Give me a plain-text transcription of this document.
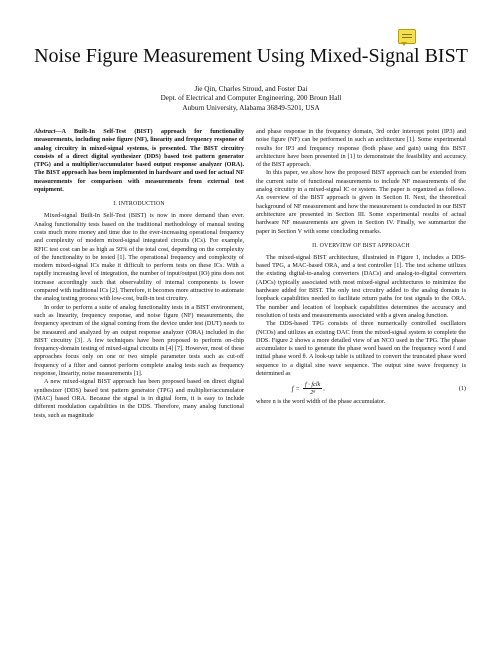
Noise Figure Measurement Using Mixed-Signal BIST
Jie Qin, Charles Stroud, and Foster Dai
Dept. of Electrical and Computer Engineering, 200 Broun Hall
Auburn University, Alabama 36849-5201, USA

Abstract—A Built-In Self-Test (BIST) approach for functionality measurements, including noise figure (NF), linearity and frequency response of analog circuitry in mixed-signal systems, is presented. The BIST circuitry consists of a direct digital synthesizer (DDS) based test pattern generator (TPG) and a multiplier/accumulator based output response analyzer (ORA). The BIST approach has been implemented in hardware and used for actual NF measurements for comparison with measurements from external test equipment.

I. INTRODUCTION

Mixed-signal Built-In Self-Test (BIST) is now in more demand than ever. Analog functionality tests based on the traditional methodology of manual testing costs much more money and time due to the ever-increasing operational frequency and complexity of modern mixed-signal integrated circuits (ICs). For example, RFIC test cost can be as high as 50% of the total cost, depending on the complexity of the functionality to be tested [1]. The operational frequency and complexity of modern mixed-signal ICs make it difficult to perform tests on these ICs. With a rapidly increasing level of integration, the number of input/output (IO) pins does not increase accordingly such that observability of internal components is lower compared with traditional ICs [2]. Therefore, it becomes more attractive to automate the analog testing process with low-cost, built-in test circuitry.

In order to perform a suite of analog functionality tests in a BIST environment, such as linearity, frequency response, and noise figure (NF) measurements, the frequency spectrum of the signal coming from the device under test (DUT) needs to be measured and analyzed by an output response analyzer (ORA) included in the BIST circuitry [3]. A few techniques have been proposed to perform on-chip frequency-domain testing of mixed-signal circuits in [4] [7]. However, most of these approaches focus only on one or two simple parameter tests such as cut-off frequency of a filter and cannot perform complete analog tests such as frequency response, linearity, noise measurements [1].

A new mixed-signal BIST approach has been proposed based on direct digital synthesizer (DDS) based test pattern generator (TPG) and multiplier/accumulator (MAC) based ORA. Because the signal is in digital form, it is easy to include different modulation capabilities in the DDS. Therefore, many analog functional tests, such as magnitude

and phase response in the frequency domain, 3rd order intercept point (IP3) and noise figure (NF) can be performed in such an architecture [1]. Some experimental results for IP3 and frequency response (both phase and gain) using this BIST architecture have been presented in [1] to demonstrate the feasibility and accuracy of the BIST approach.

In this paper, we show how the proposed BIST approach can be extended from the current suite of functional measurements to include NF measurements of the analog circuitry in a mixed-signal IC or system. The paper is organized as follows. An overview of the BIST approach is given in Section II. Next, the theoretical background of NF measurement and how the measurement is conducted in our BIST architecture are presented in Section III. Some experimental results of actual hardware NF measurements are given in Section IV. Finally, we summarize the paper in Section V with some concluding remarks.

II. OVERVIEW OF BIST APPROACH

The mixed-signal BIST architecture, illustrated in Figure 1, includes a DDS-based TPG, a MAC-based ORA, and a test controller [1]. The test scheme utilizes the existing digital-to-analog converters (DACs) and analog-to-digital converters (ADCs) typically associated with most mixed-signal architectures to minimize the hardware added for BIST. The only test circuitry added to the analog domain is loopback capabilities needed to facilitate return paths for test signals to the ORA. The number and location of loopback capabilities determines the accuracy and resolution of tests and measurements associated with a given analog function.

The DDS-based TPG consists of three numerically controlled oscillators (NCOs) and utilizes an existing DAC from the mixed-signal system to complete the DDS. Figure 2 shows a more detailed view of an NCO used in the TPG. The phase accumulator is used to generate the phase word based on the frequency word f and initial phase word θ. A look-up table is utilized to convert the truncated phase word sequence to a digital sine wave sequence. The output sine wave frequency is determined as

$f = \frac{\text{f · fclk}}{\text{2ⁿ}}$ ,	(1)

where n is the word width of the phase accumulator.
